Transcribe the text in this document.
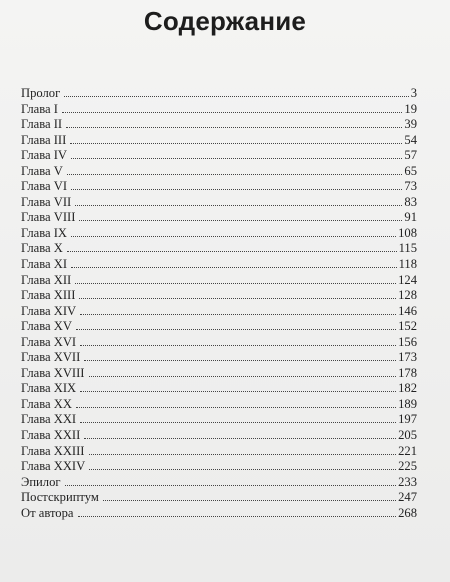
Содержание
Пролог	3
Глава I	19
Глава II	39
Глава III	54
Глава IV	57
Глава V	65
Глава VI	73
Глава VII	83
Глава VIII	91
Глава IX	108
Глава X	115
Глава XI	118
Глава XII	124
Глава XIII	128
Глава XIV	146
Глава XV	152
Глава XVI	156
Глава XVII	173
Глава XVIII	178
Глава XIX	182
Глава XX	189
Глава XXI	197
Глава XXII	205
Глава XXIII	221
Глава XXIV	225
Эпилог	233
Постскриптум	247
От автора	268
